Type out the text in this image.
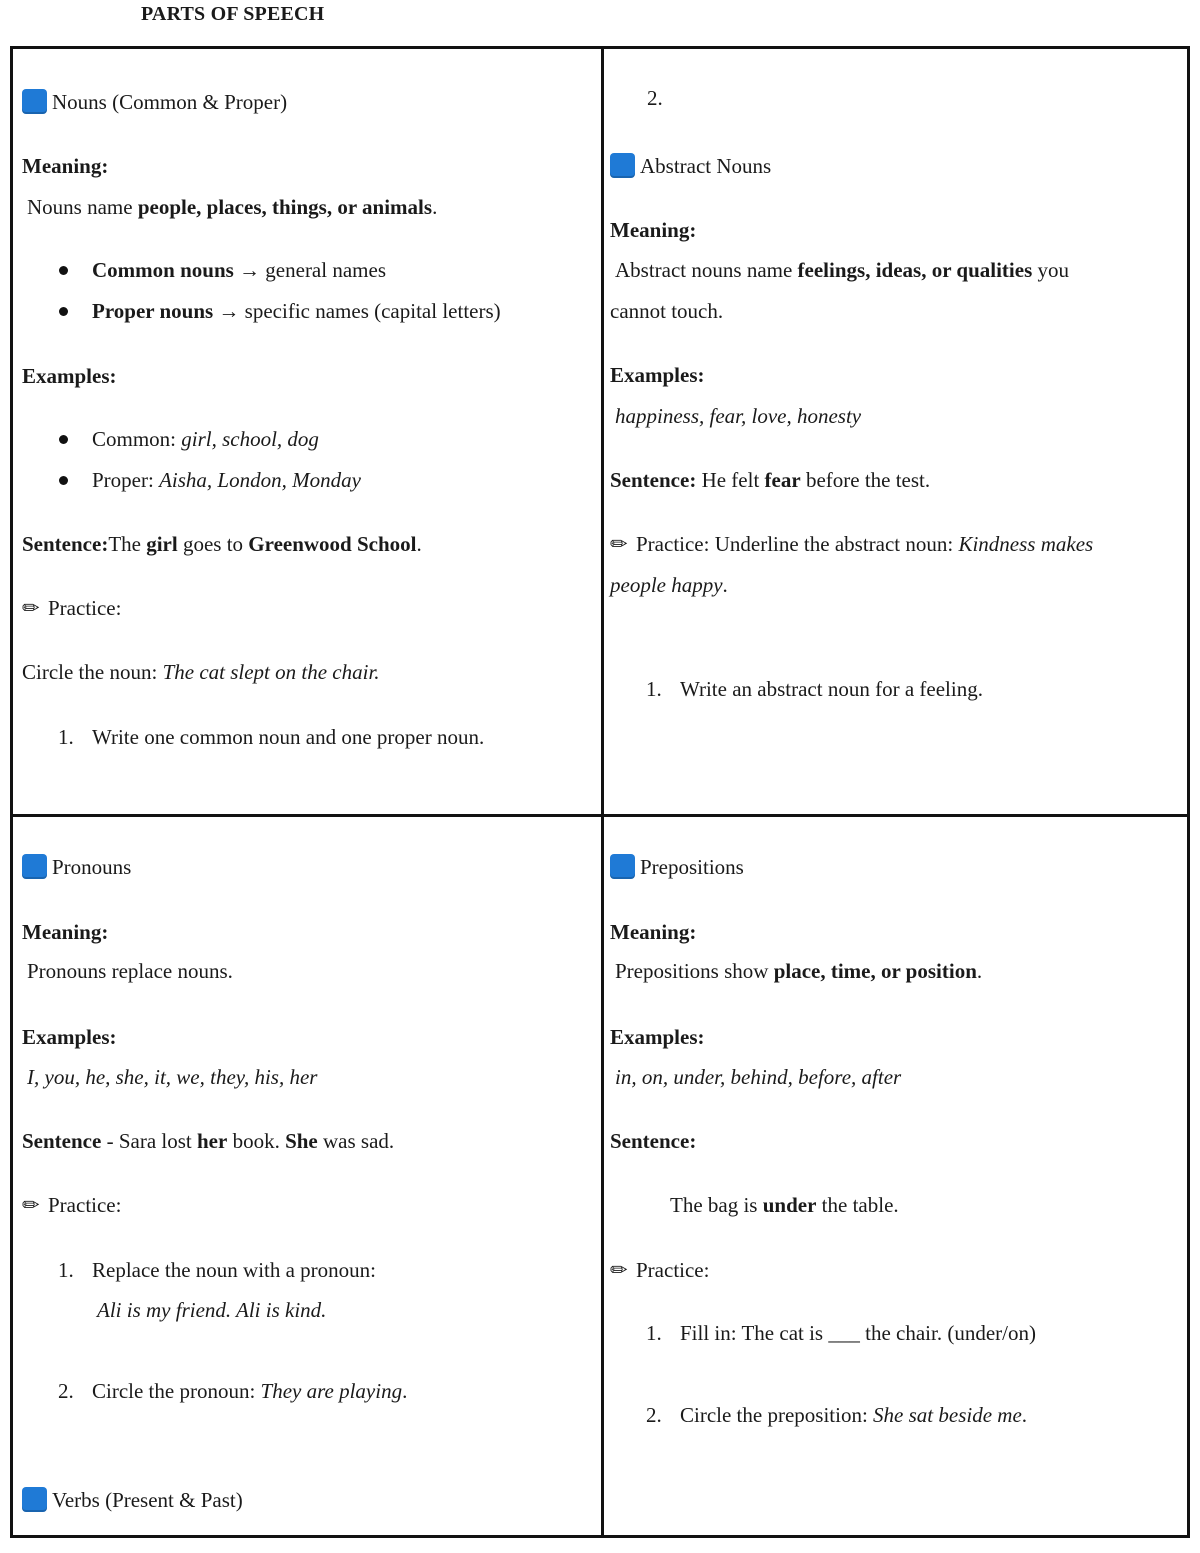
PARTS OF SPEECH
Nouns (Common & Proper)
Meaning:
Nouns name people, places, things, or animals.
Common nouns → general names
Proper nouns → specific names (capital letters)
Examples:
Common: girl, school, dog
Proper: Aisha, London, Monday
Sentence:The girl goes to Greenwood School.
✏ Practice:
Circle the noun: The cat slept on the chair.
1. Write one common noun and one proper noun.
2.
Abstract Nouns
Meaning:
Abstract nouns name feelings, ideas, or qualities you
cannot touch.
Examples:
happiness, fear, love, honesty
Sentence: He felt fear before the test.
✏ Practice: Underline the abstract noun: Kindness makes
people happy.
1. Write an abstract noun for a feeling.
Pronouns
Meaning:
Pronouns replace nouns.
Examples:
I, you, he, she, it, we, they, his, her
Sentence - Sara lost her book. She was sad.
✏ Practice:
1. Replace the noun with a pronoun:
Ali is my friend. Ali is kind.
2. Circle the pronoun: They are playing.
Verbs (Present & Past)
Prepositions
Meaning:
Prepositions show place, time, or position.
Examples:
in, on, under, behind, before, after
Sentence:
The bag is under the table.
✏ Practice:
1. Fill in: The cat is ___ the chair. (under/on)
2. Circle the preposition: She sat beside me.
